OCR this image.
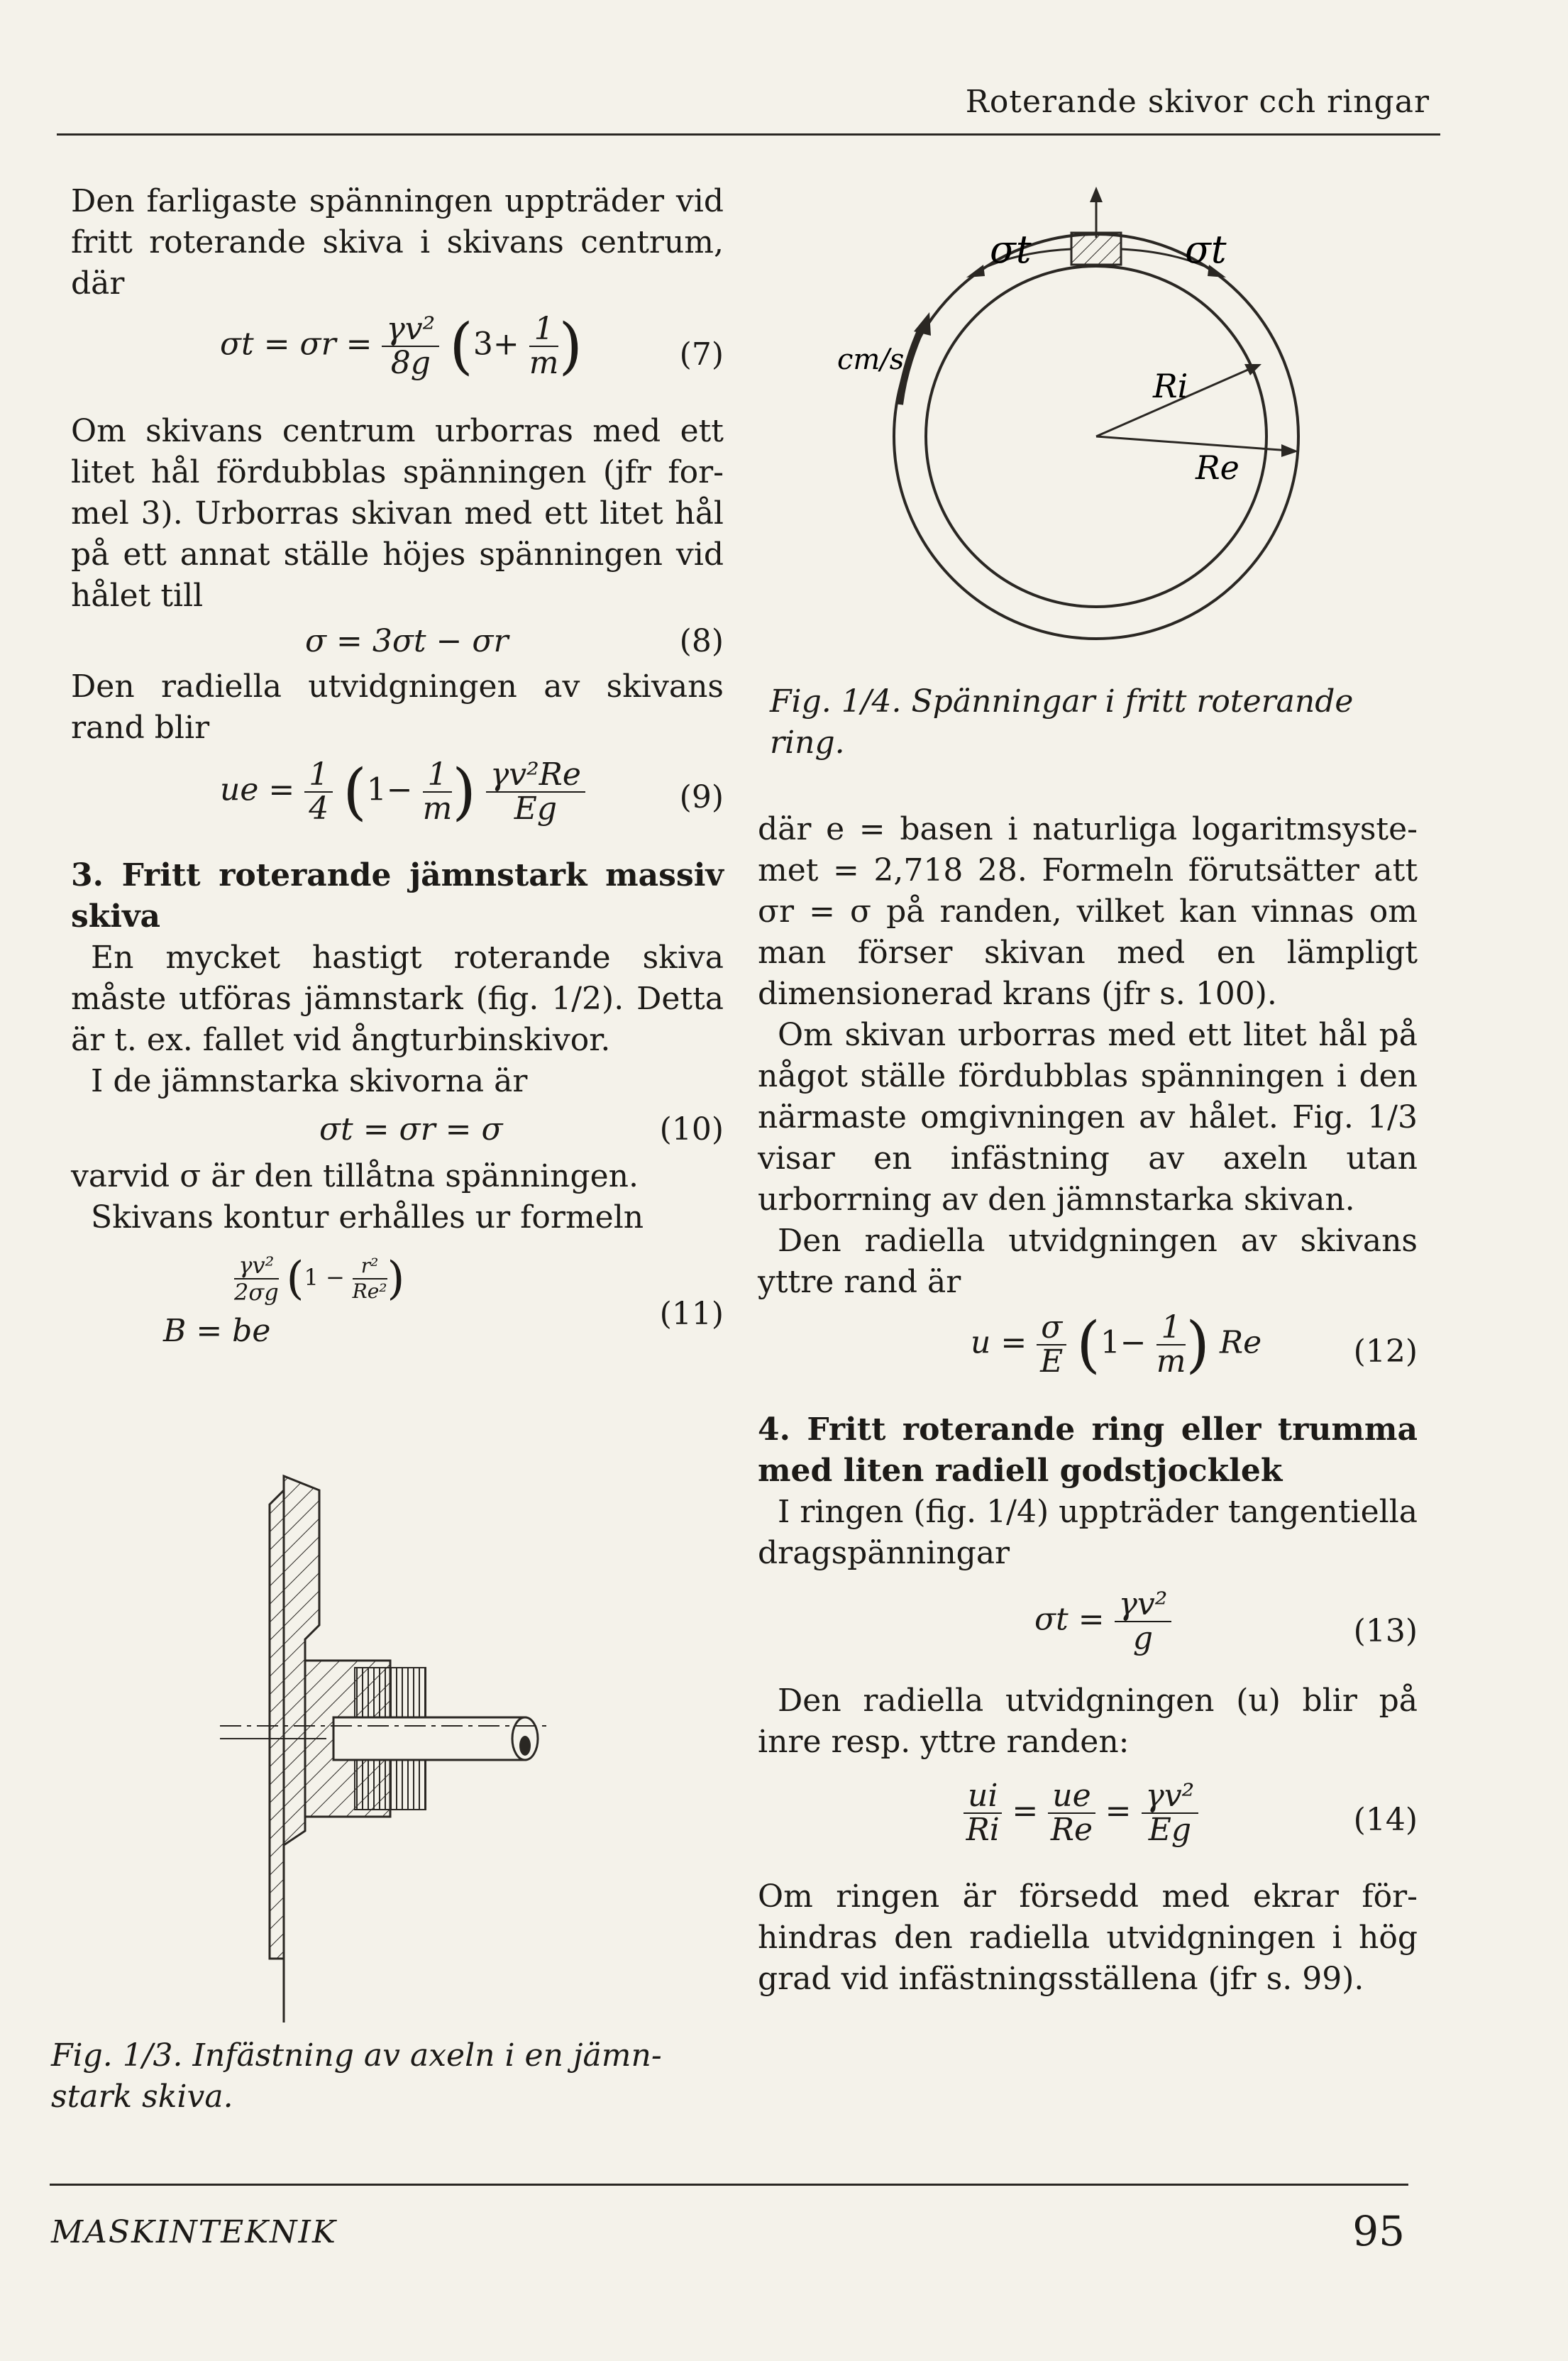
Roterande skivor cch ringar

Den farligaste spänningen uppträder vid fritt roterande skiva i skivans centrum, där

$\sigma t = \sigma r = \frac{\text{γv²}}{8g} (3+ \frac{1}{m}$ )	(7)

Om skivans centrum urborras med ett litet hål fördubblas spänningen (jfr for- mel 3). Urborras skivan med ett litet hål på ett annat ställe höjes spänningen vid hålet till

σ = 3σt − σr	(8)

Den radiella utvidgningen av skivans rand blir

ue = $\frac{1}{4} (1- \frac{1}{m}$ ) $\frac{\text{γv²Re}}{Eg}$	(9)

3. Fritt roterande jämnstark massiv skiva

En mycket hastigt roterande skiva måste utföras jämnstark (fig. 1/2). Detta är t. ex. fallet vid ångturbinskivor.

I de jämnstarka skivorna är

σt = σr = σ	(10)

varvid σ är den tillåtna spänningen.

Skivans kontur erhålles ur formeln

$\frac{\text{γv²}}{2\sigma g} (1 - \frac{\text{r²}}{\text{Re²}}$ )
B = be	(11)
Fig. 1/3. Infästning av axeln i en jämn- stark skiva.
σt	σt
cm/s
Ri
Re
Fig. 1/4. Spänningar i fritt roterande ring.

där e = basen i naturliga logaritmsyste- met = 2,718 28. Formeln förutsätter att σr = σ på randen, vilket kan vinnas om man förser skivan med en lämpligt dimensionerad krans (jfr s. 100).

Om skivan urborras med ett litet hål på något ställe fördubblas spänningen i den närmaste omgivningen av hålet. Fig. 1/3 visar en infästning av axeln utan urborrning av den jämnstarka skivan.

Den radiella utvidgningen av skivans yttre rand är

$u = \frac{\sigma}{E} (1- \frac{1}{m}$ ) Re	(12)

4. Fritt roterande ring eller trumma med liten radiell godstjocklek

I ringen (fig. 1/4) uppträder tangentiella dragspänningar

$\sigma t = \frac{\text{γv²}}{g}$	(13)

Den radiella utvidgningen (u) blir på inre resp. yttre randen:

$\frac{ui}{Ri} = \frac{ue}{Re} = \frac{\text{γv²}}{Eg}$	(14)

Om ringen är försedd med ekrar för- hindras den radiella utvidgningen i hög grad vid infästningsställena (jfr s. 99).

MASKINTEKNIK	95
